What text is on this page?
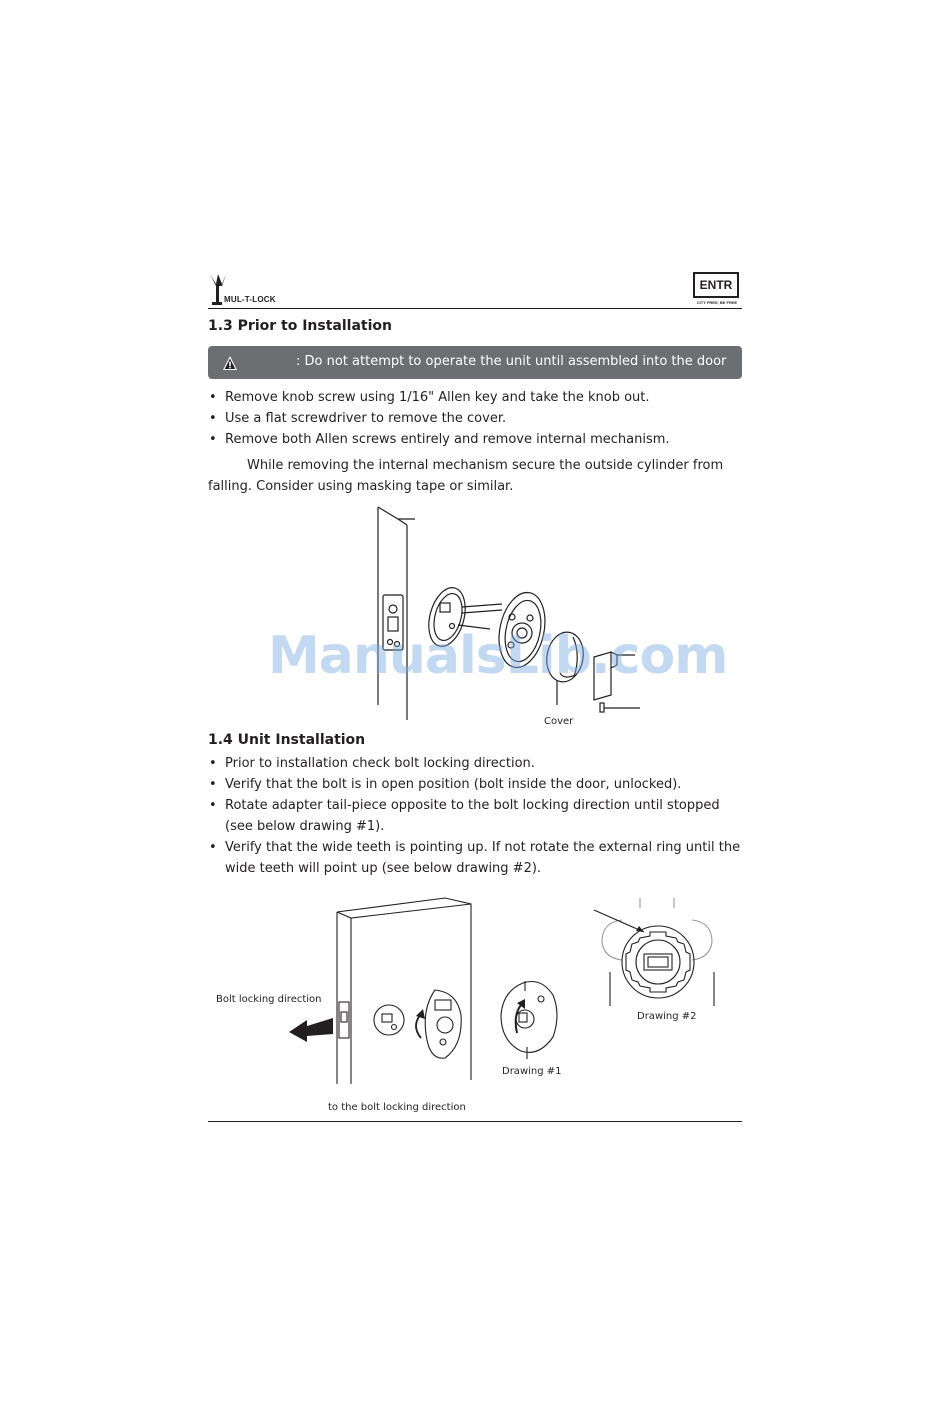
MUL-T-LOCK
ENTR
CITY FREE, BE FREE
1.3 Prior to Installation
: Do not attempt to operate the unit until assembled into the door
• Remove knob screw using 1/16" Allen key and take the knob out.
• Use a flat screwdriver to remove the cover.
• Remove both Allen screws entirely and remove internal mechanism.
While removing the internal mechanism secure the outside cylinder from falling. Consider using masking tape or similar.
Cover
ManualsLib.com
1.4 Unit Installation
• Prior to installation check bolt locking direction.
• Verify that the bolt is in open position (bolt inside the door, unlocked).
• Rotate adapter tail-piece opposite to the bolt locking direction until stopped (see below drawing #1).
• Verify that the wide teeth is pointing up. If not rotate the external ring until the wide teeth will point up (see below drawing #2).
Bolt locking direction
Drawing #1
Drawing #2
to the bolt locking direction
